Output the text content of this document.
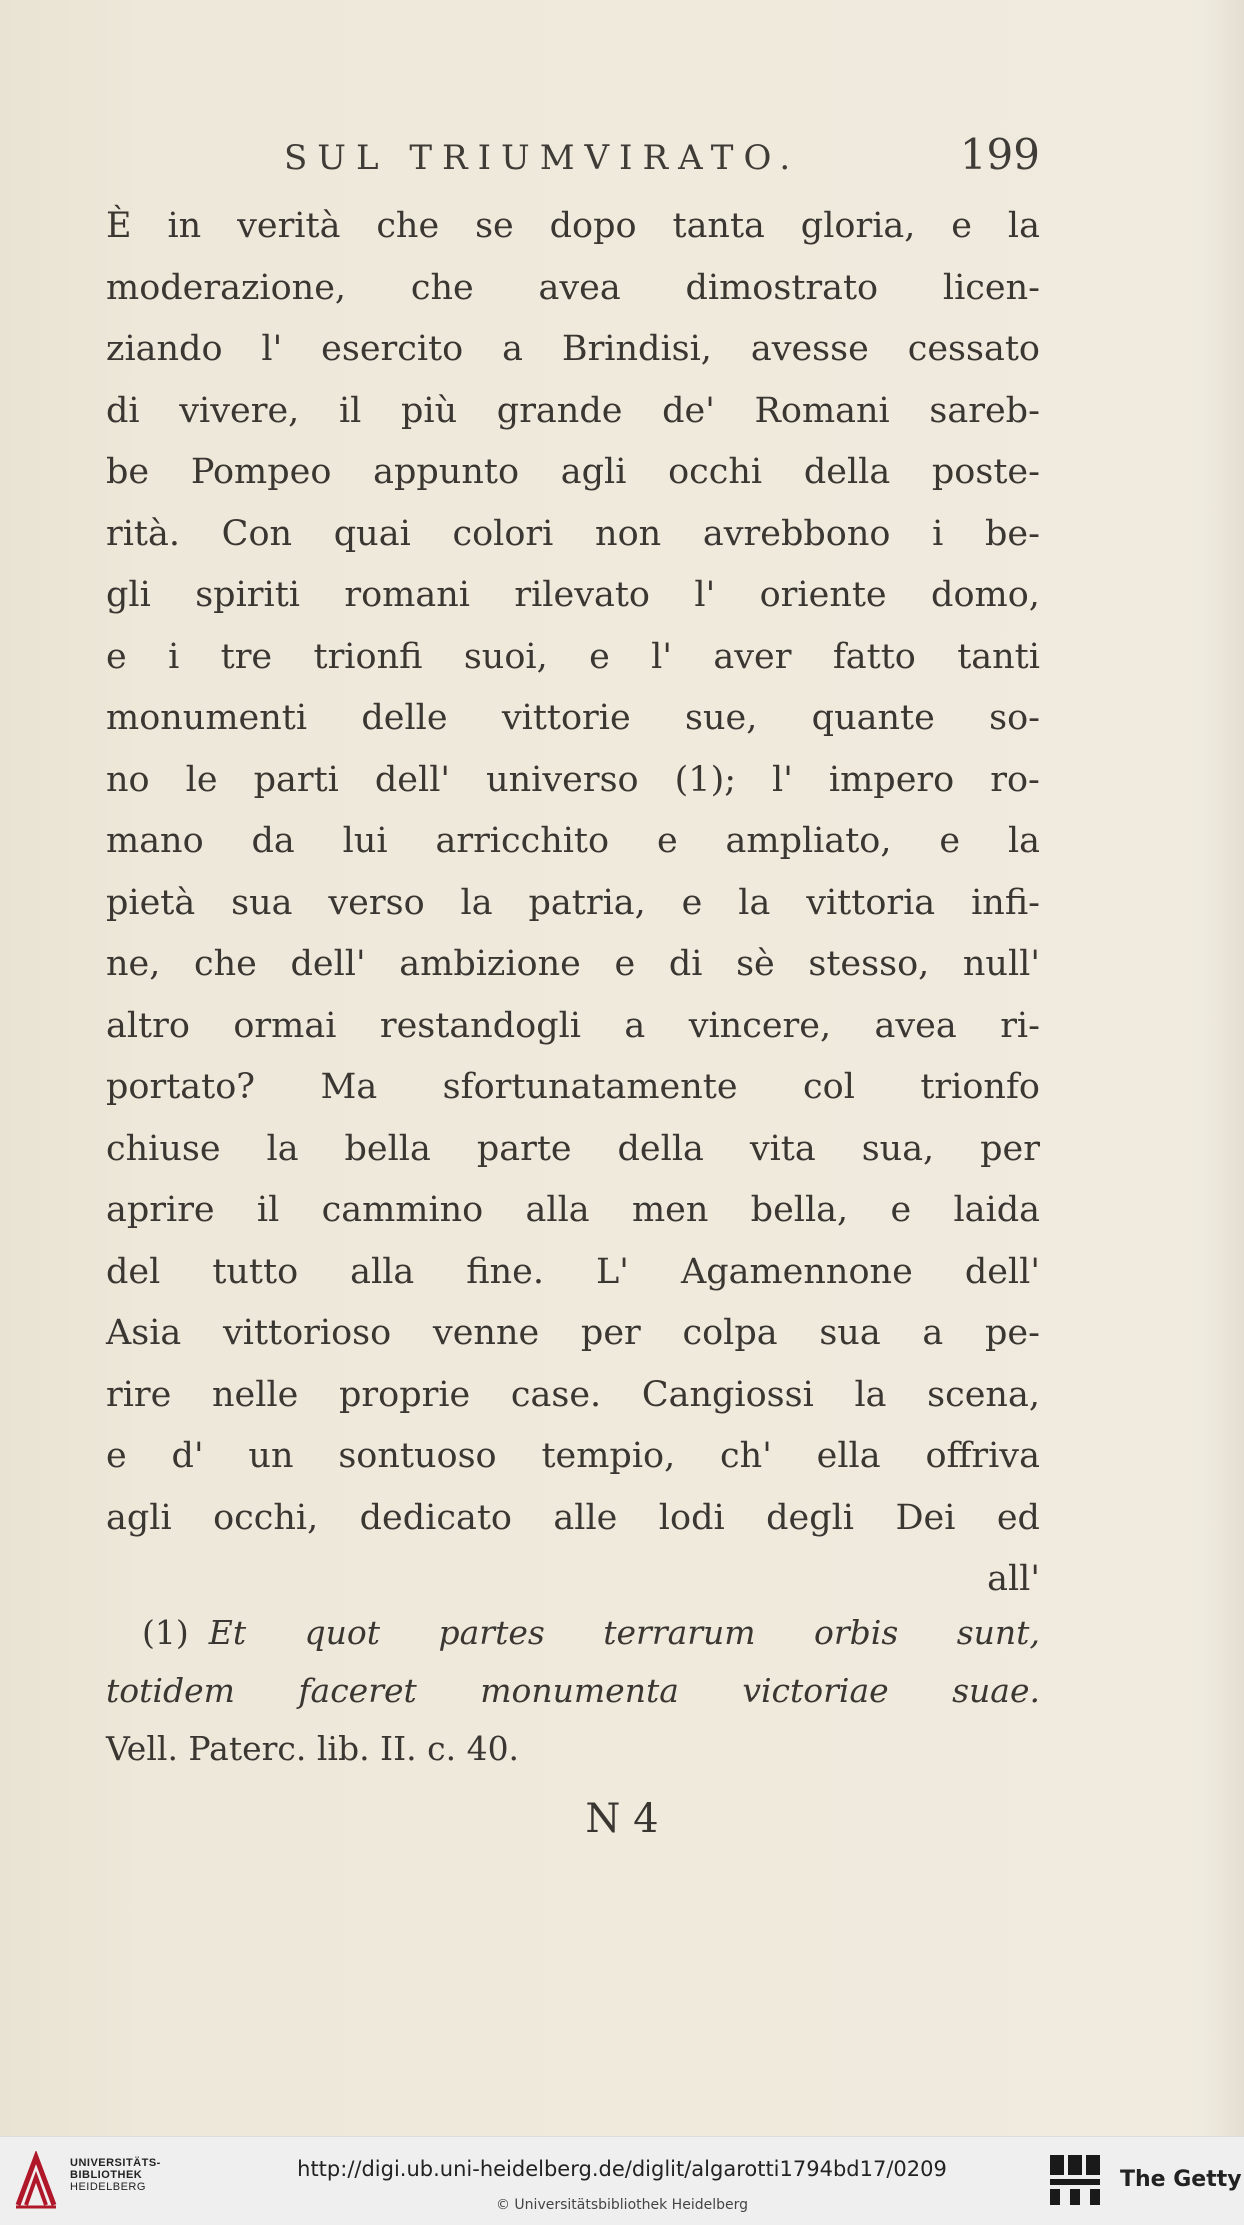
SUL TRIUMVIRATO.	199
È in verità che se dopo tanta gloria, e la
moderazione, che avea dimostrato licen-
ziando l' esercito a Brindisi, avesse cessato
di vivere, il più grande de' Romani sareb-
be Pompeo appunto agli occhi della poste-
rità. Con quai colori non avrebbono i be-
gli spiriti romani rilevato l' oriente domo,
e i tre trionfi suoi, e l' aver fatto tanti
monumenti delle vittorie sue, quante so-
no le parti dell' universo (1); l' impero ro-
mano da lui arricchito e ampliato, e la
pietà sua verso la patria, e la vittoria infi-
ne, che dell' ambizione e di sè stesso, null'
altro ormai restandogli a vincere, avea ri-
portato? Ma sfortunatamente col trionfo
chiuse la bella parte della vita sua, per
aprire il cammino alla men bella, e laida
del tutto alla fine. L' Agamennone dell'
Asia vittorioso venne per colpa sua a pe-
rire nelle proprie case. Cangiossi la scena,
e d' un sontuoso tempio, ch' ella offriva
agli occhi, dedicato alle lodi degli Dei ed
all'
(1) Et quot partes terrarum orbis sunt,
totidem faceret monumenta victoriae suae.
Vell. Paterc. lib. II. c. 40.
N 4
UNIVERSITÄTS-
BIBLIOTHEK
HEIDELBERG
http://digi.ub.uni-heidelberg.de/diglit/algarotti1794bd17/0209
© Universitätsbibliothek Heidelberg
The Getty
